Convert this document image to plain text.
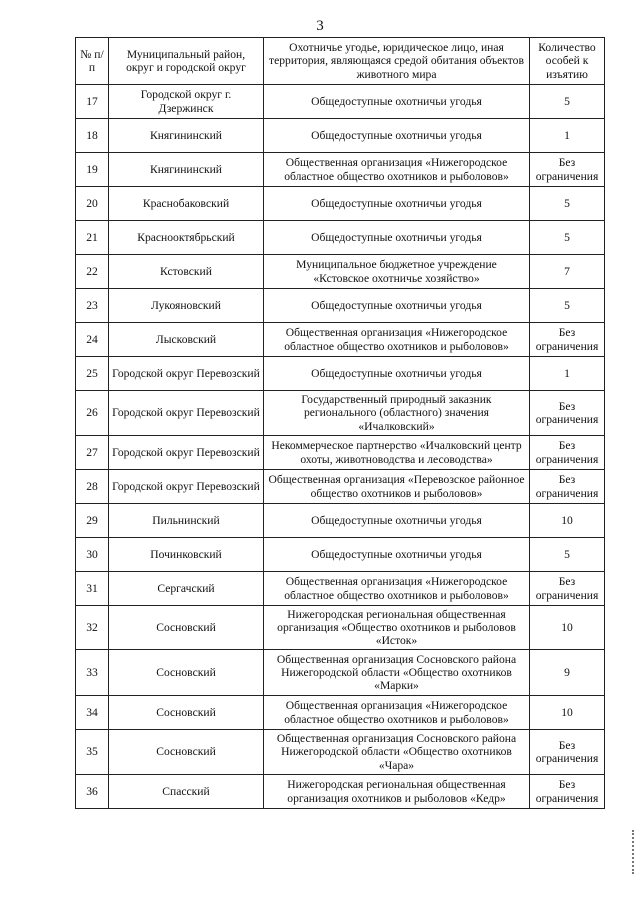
3
№ п/п	Муниципальный район, округ и городской округ	Охотничье угодье, юридическое лицо, иная территория, являющаяся средой обитания объектов животного мира	Количество особей к изъятию
17	Городской округ г. Дзержинск	Общедоступные охотничьи угодья	5
18	Княгининский	Общедоступные охотничьи угодья	1
19	Княгининский	Общественная организация «Нижегородское областное общество охотников и рыболовов»	Без ограничения
20	Краснобаковский	Общедоступные охотничьи угодья	5
21	Краснооктябрьский	Общедоступные охотничьи угодья	5
22	Кстовский	Муниципальное бюджетное учреждение «Кстовское охотничье хозяйство»	7
23	Лукояновский	Общедоступные охотничьи угодья	5
24	Лысковский	Общественная организация «Нижегородское областное общество охотников и рыболовов»	Без ограничения
25	Городской округ Перевозский	Общедоступные охотничьи угодья	1
26	Городской округ Перевозский	Государственный природный заказник регионального (областного) значения «Ичалковский»	Без ограничения
27	Городской округ Перевозский	Некоммерческое партнерство «Ичалковский центр охоты, животноводства и лесоводства»	Без ограничения
28	Городской округ Перевозский	Общественная организация «Перевозское районное общество охотников и рыболовов»	Без ограничения
29	Пильнинский	Общедоступные охотничьи угодья	10
30	Починковский	Общедоступные охотничьи угодья	5
31	Сергачский	Общественная организация «Нижегородское областное общество охотников и рыболовов»	Без ограничения
32	Сосновский	Нижегородская региональная общественная организация «Общество охотников и рыболовов «Исток»	10
33	Сосновский	Общественная организация Сосновского района Нижегородской области «Общество охотников «Марки»	9
34	Сосновский	Общественная организация «Нижегородское областное общество охотников и рыболовов»	10
35	Сосновский	Общественная организация Сосновского района Нижегородской области «Общество охотников «Чара»	Без ограничения
36	Спасский	Нижегородская региональная общественная организация охотников и рыболовов «Кедр»	Без ограничения
